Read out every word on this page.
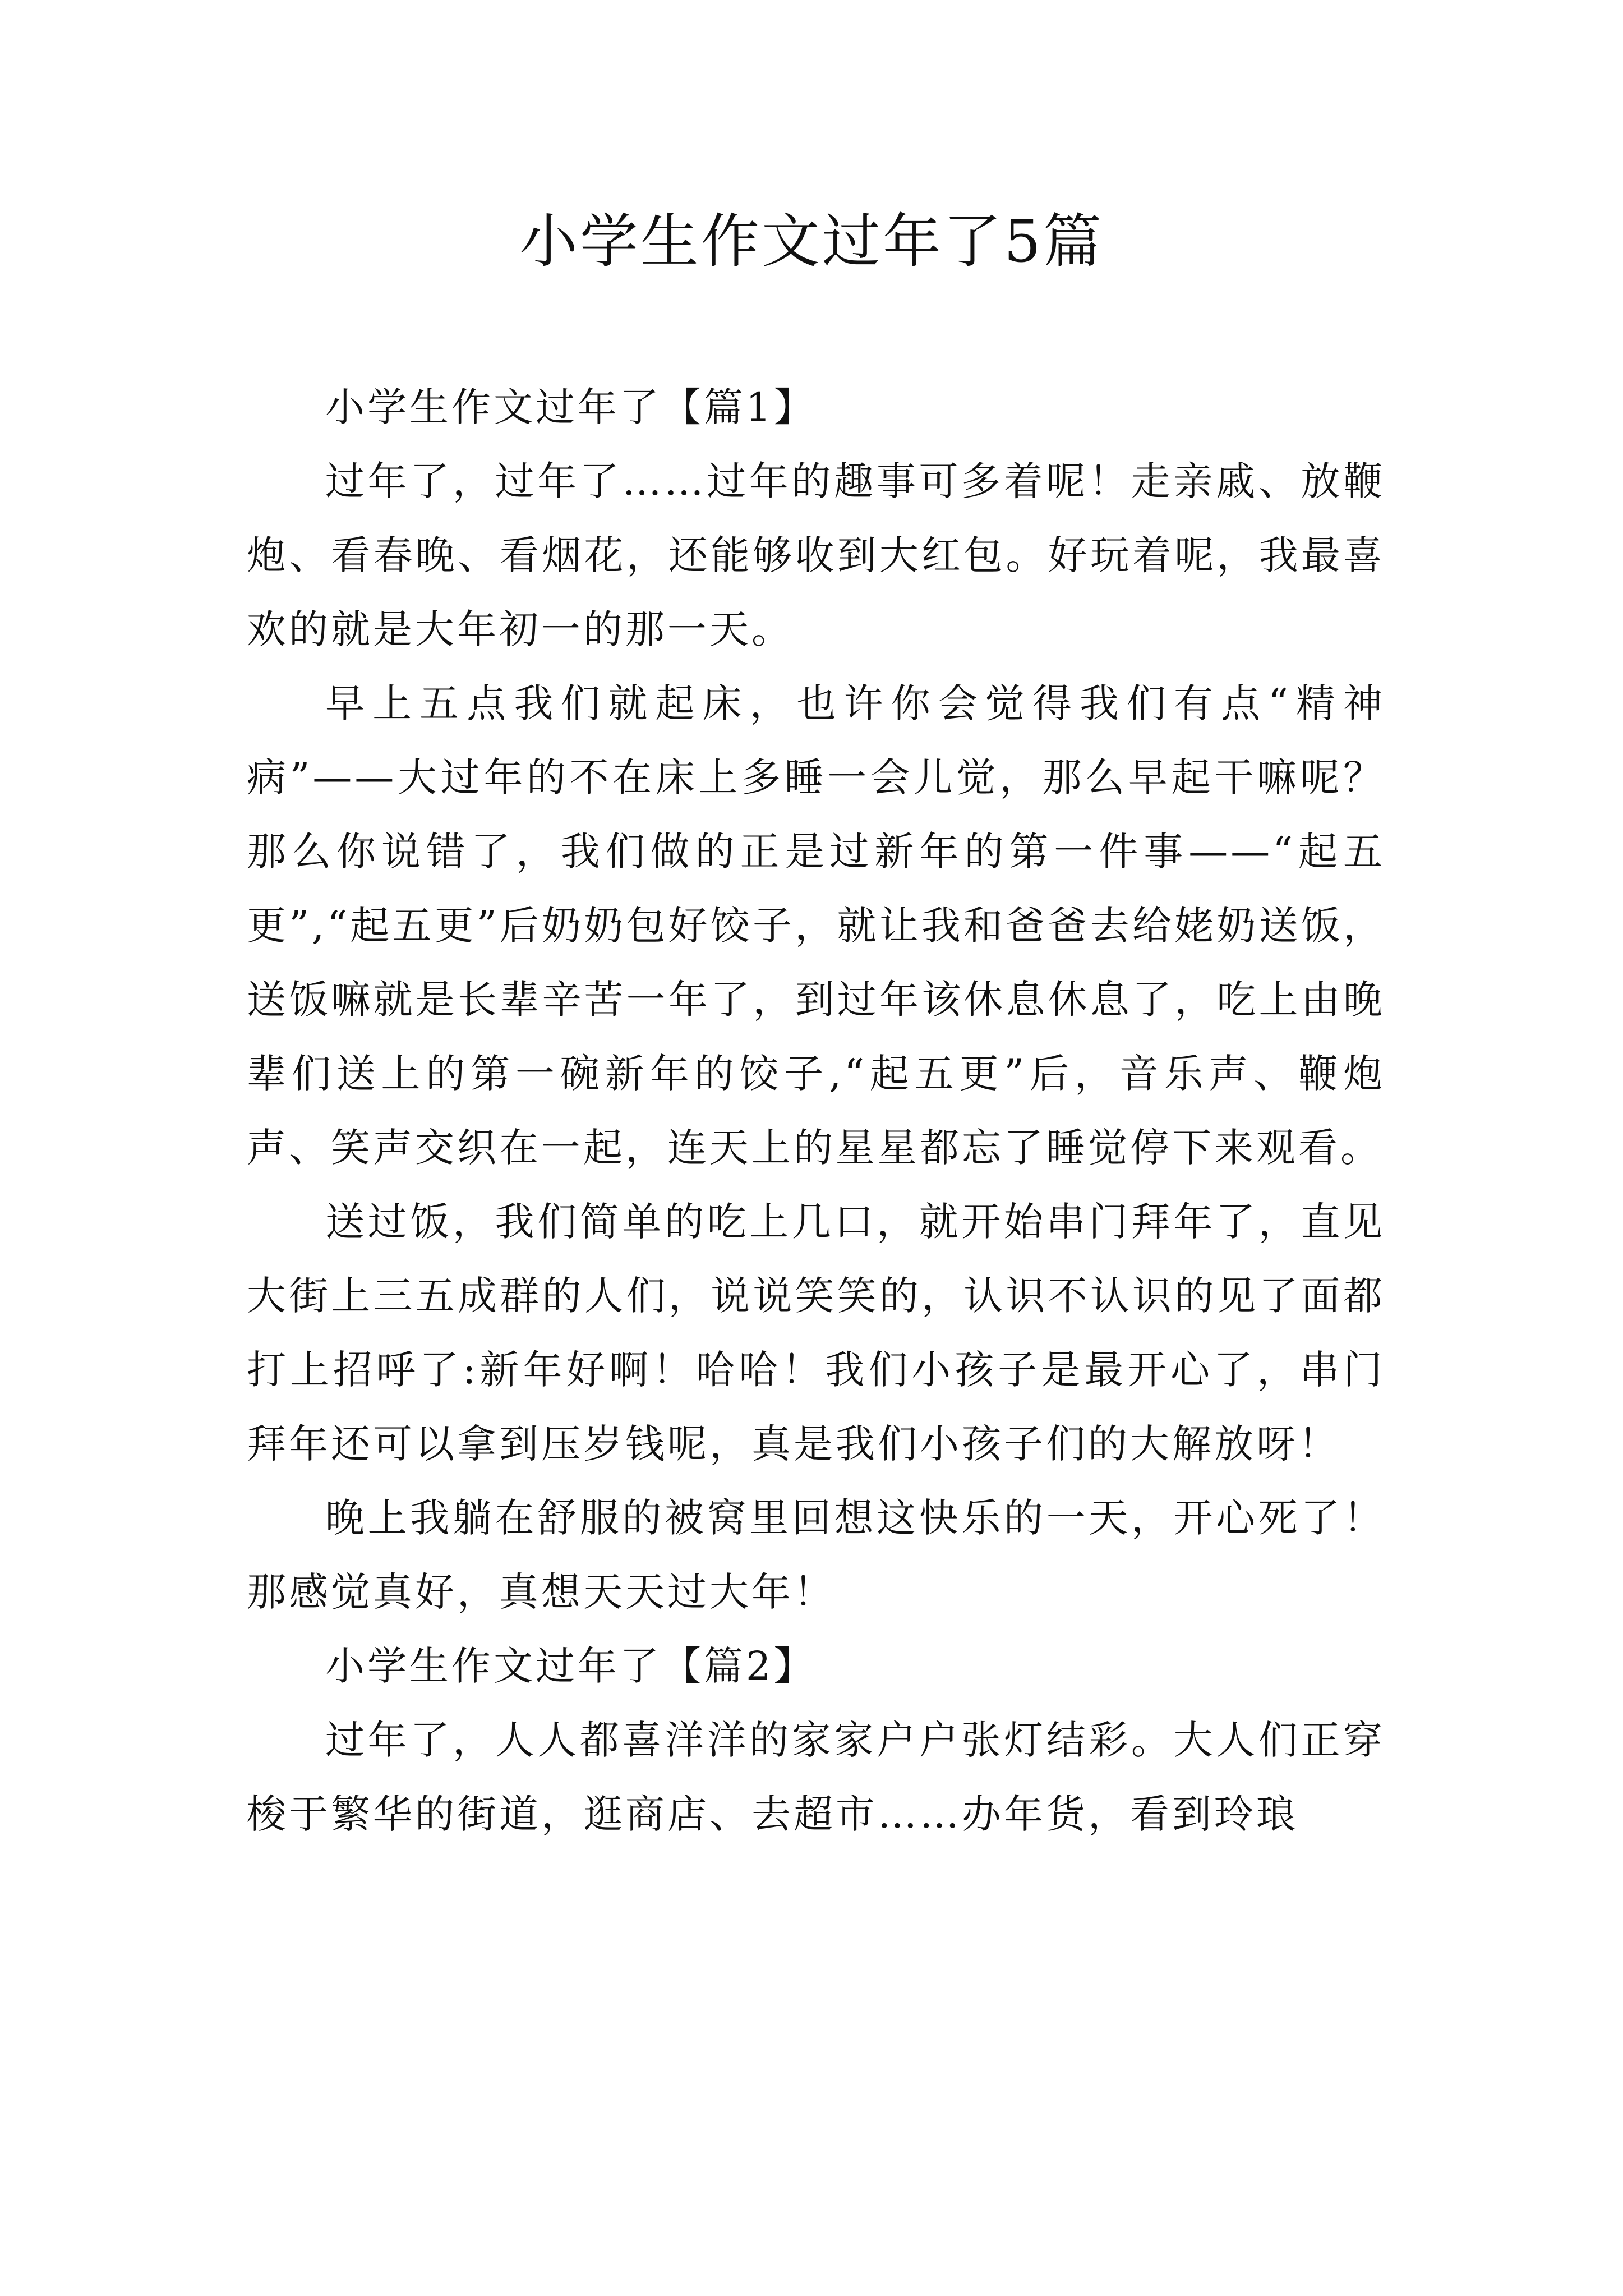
小学生作文过年了5篇

小学生作文过年了【篇1】

过年了，过年了……过年的趣事可多着呢！走亲戚、放鞭炮、看春晚、看烟花，还能够收到大红包。好玩着呢，我最喜欢的就是大年初一的那一天。

早上五点我们就起床，也许你会觉得我们有点“精神病”——大过年的不在床上多睡一会儿觉，那么早起干嘛呢？那么你说错了，我们做的正是过新年的第一件事——“起五更”,“起五更”后奶奶包好饺子，就让我和爸爸去给姥奶送饭，送饭嘛就是长辈辛苦一年了，到过年该休息休息了，吃上由晚辈们送上的第一碗新年的饺子,“起五更”后，音乐声、鞭炮声、笑声交织在一起，连天上的星星都忘了睡觉停下来观看。

送过饭，我们简单的吃上几口，就开始串门拜年了，直见大街上三五成群的人们，说说笑笑的，认识不认识的见了面都打上招呼了:新年好啊！哈哈！我们小孩子是最开心了，串门拜年还可以拿到压岁钱呢，真是我们小孩子们的大解放呀！

晚上我躺在舒服的被窝里回想这快乐的一天，开心死了！那感觉真好，真想天天过大年！

小学生作文过年了【篇2】

过年了，人人都喜洋洋的家家户户张灯结彩。大人们正穿梭于繁华的街道，逛商店、去超市……办年货，看到玲琅
